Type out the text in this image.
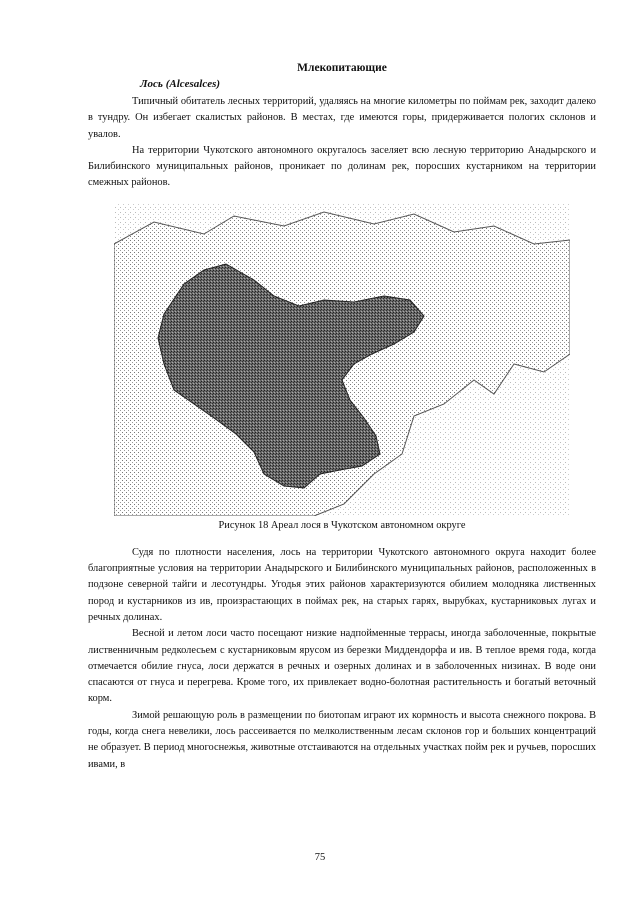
Млекопитающие
Лось (Alcesalces)

Типичный обитатель лесных территорий, удаляясь на многие километры по поймам рек, заходит далеко в тундру. Он избегает скалистых районов. В местах, где имеются горы, придерживается пологих склонов и увалов.

На территории Чукотского автономного округалось заселяет всю лесную территорию Анадырского и Билибинского муниципальных районов, проникает по долинам рек, поросших кустарником на территории смежных районов.

Рисунок 18 Ареал лося в Чукотском автономном округе

Судя по плотности населения, лось на территории Чукотского автономного округа находит более благоприятные условия на территории Анадырского и Билибинского муниципальных районов, расположенных в подзоне северной тайги и лесотундры. Угодья этих районов характеризуются обилием молодняка лиственных пород и кустарников из ив, произрастающих в поймах рек, на старых гарях, вырубках, кустарниковых лугах и речных долинах.

Весной и летом лоси часто посещают низкие надпойменные террасы, иногда заболоченные, покрытые лиственничным редколесьем с кустарниковым ярусом из березки Миддендорфа и ив. В теплое время года, когда отмечается обилие гнуса, лоси держатся в речных и озерных долинах и в заболоченных низинах. В воде они спасаются от гнуса и перегрева. Кроме того, их привлекает водно-болотная растительность и богатый веточный корм.

Зимой решающую роль в размещении по биотопам играют их кормность и высота снежного покрова. В годы, когда снега невелики, лось рассеивается по мелколиственным лесам склонов гор и больших концентраций не образует. В период многоснежья, животные отстаиваются на отдельных участках пойм рек и ручьев, поросших ивами, в

75
